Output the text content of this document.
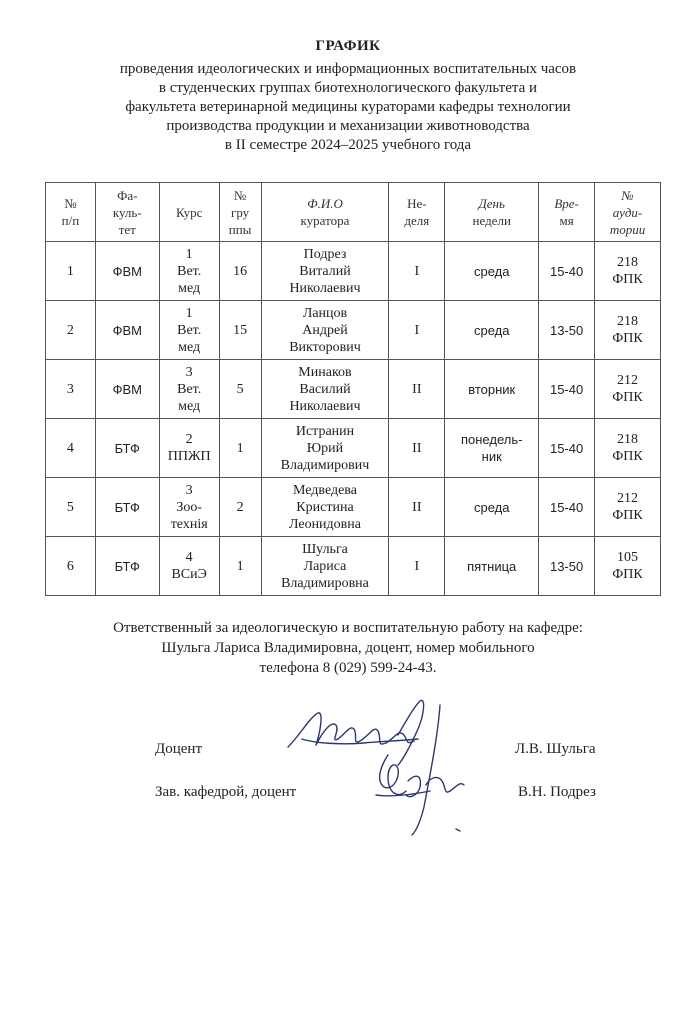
ГРАФИК
проведения идеологических и информационных воспитательных часов
в студенческих группах биотехнологического факультета и
факультета ветеринарной медицины кураторами кафедры технологии
производства продукции и механизации животноводства
в II семестре 2024–2025 учебного года
№
п/п	Фа-
куль-
тет	Курс	№
гру
ппы	Ф.И.О
куратора	Не-
деля	День
недели	Вре-
мя	№
ауди-
тории

1	ФВМ	1
Вет.
мед	16	Подрез
Виталий
Николаевич	I	среда	15-40	218
ФПК

2	ФВМ	1
Вет.
мед	15	Ланцов
Андрей
Викторович	I	среда	13-50	218
ФПК

3	ФВМ	3
Вет.
мед	5	Минаков
Василий
Николаевич	II	вторник	15-40	212
ФПК

4	БТФ	2
ППЖП	1	Истранин
Юрий
Владимирович	II	понедель-
ник	15-40	218
ФПК

5	БТФ	3
Зоо-
технія	2	Медведева
Кристина
Леонидовна	II	среда	15-40	212
ФПК

6	БТФ	4
ВСиЭ	1	Шульга
Лариса
Владимировна	I	пятница	13-50	105
ФПК
Ответственный за идеологическую и воспитательную работу на кафедре:
Шульга Лариса Владимировна, доцент, номер мобильного
телефона 8 (029) 599-24-43.
Доцент	Л.В. Шульга
Зав. кафедрой, доцент	В.Н. Подрез
